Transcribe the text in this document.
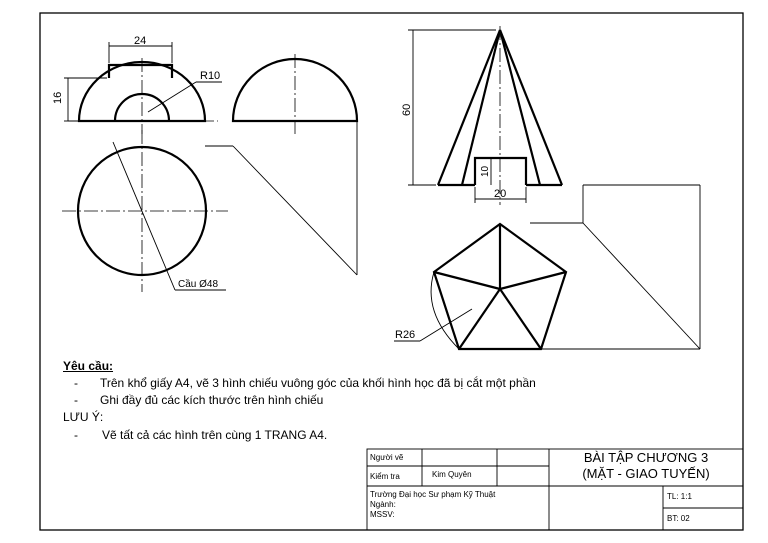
24
16
R10
60
10
20
Cầu Ø48
R26
Yêu cầu:
- Trên khổ giấy A4, vẽ 3 hình chiếu vuông góc của khối hình học đã bị cắt một phần
- Ghi đầy đủ các kích thước trên hình chiếu
LƯU Ý:
- Vẽ tất cả các hình trên cùng 1 TRANG A4.
Người vẽ
Kiểm tra	Kim Quyên
Trường Đại học Sư phạm Kỹ Thuật
Ngành:
MSSV:
BÀI TẬP CHƯƠNG 3
(MẶT - GIAO TUYẾN)
TL: 1:1
BT: 02
